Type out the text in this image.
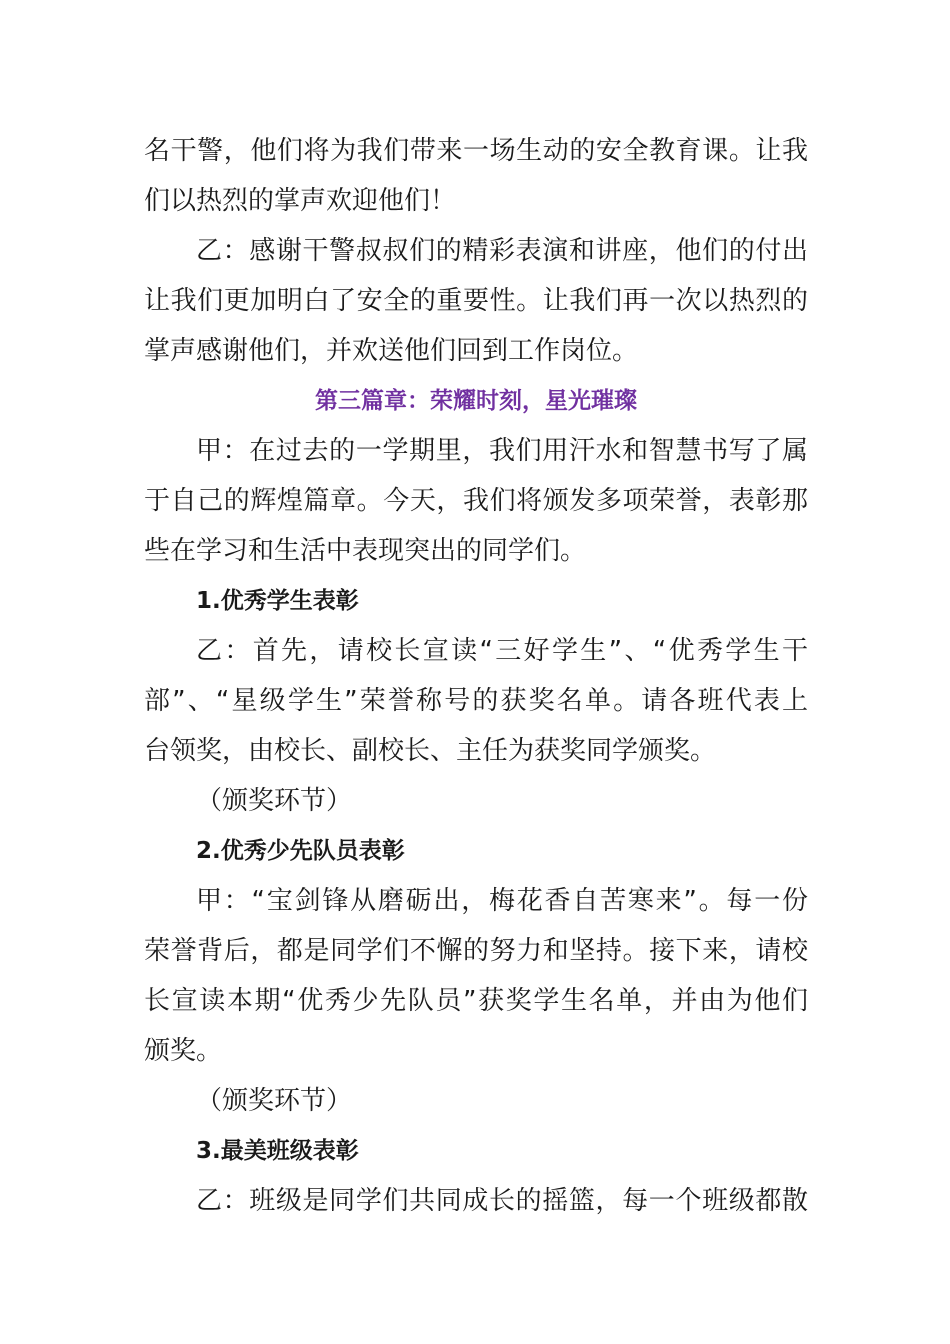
名干警，他们将为我们带来一场生动的安全教育课。让我
们以热烈的掌声欢迎他们！
乙：感谢干警叔叔们的精彩表演和讲座，他们的付出
让我们更加明白了安全的重要性。让我们再一次以热烈的
掌声感谢他们，并欢送他们回到工作岗位。
第三篇章：荣耀时刻，星光璀璨
甲：在过去的一学期里，我们用汗水和智慧书写了属
于自己的辉煌篇章。今天，我们将颁发多项荣誉，表彰那
些在学习和生活中表现突出的同学们。
1.优秀学生表彰
乙：首先，请校长宣读“三好学生”、“优秀学生干
部”、“星级学生”荣誉称号的获奖名单。请各班代表上
台领奖，由校长、副校长、主任为获奖同学颁奖。
（颁奖环节）
2.优秀少先队员表彰
甲：“宝剑锋从磨砺出，梅花香自苦寒来”。每一份
荣誉背后，都是同学们不懈的努力和坚持。接下来，请校
长宣读本期“优秀少先队员”获奖学生名单，并由为他们
颁奖。
（颁奖环节）
3.最美班级表彰
乙：班级是同学们共同成长的摇篮，每一个班级都散
